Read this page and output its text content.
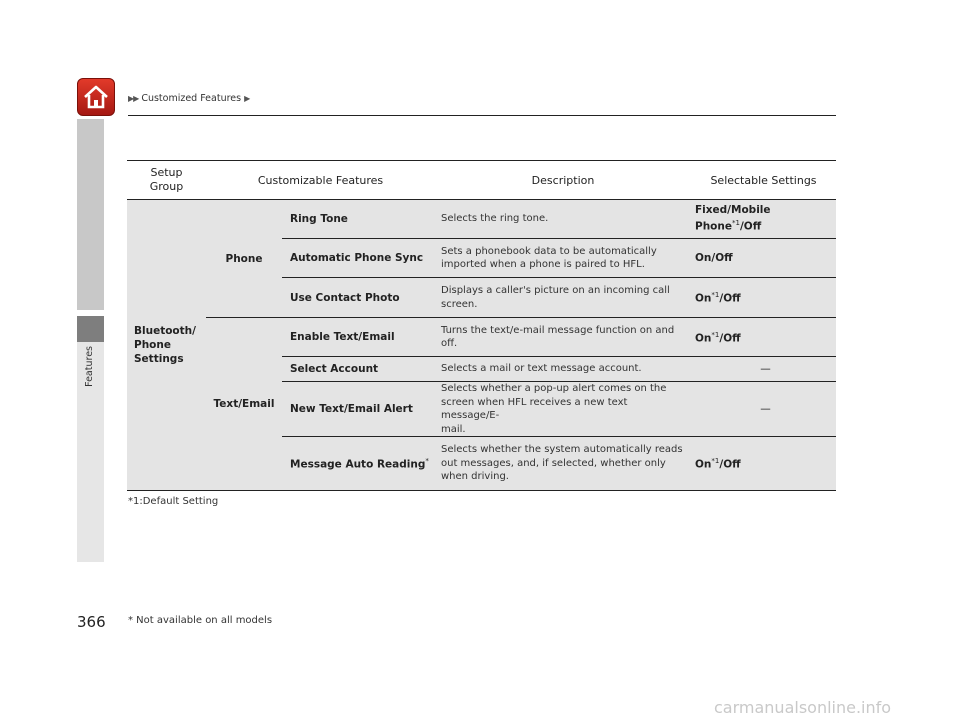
▶▶ Customized Features ▶
Features
Setup
Group	Customizable Features		Description	Selectable Settings
Bluetooth/
Phone
Settings	Phone	Ring Tone	Selects the ring tone.	Fixed/Mobile
Phone$^{*1}$/Off
		Automatic Phone Sync	Sets a phonebook data to be automatically
imported when a phone is paired to HFL.	On/Off
		Use Contact Photo	Displays a caller's picture on an incoming call
screen.	On$^{*1}$/Off
	Text/Email	Enable Text/Email	Turns the text/e-mail message function on and
off.	On$^{*1}$/Off
		Select Account	Selects a mail or text message account.	—
		New Text/Email Alert	Selects whether a pop-up alert comes on the
screen when HFL receives a new text message/E-
mail.	—
		Message Auto Reading*	Selects whether the system automatically reads
out messages, and, if selected, whether only
when driving.	On$^{*1}$/Off
*1:Default Setting
366 * Not available on all models
carmanualsonline.info
